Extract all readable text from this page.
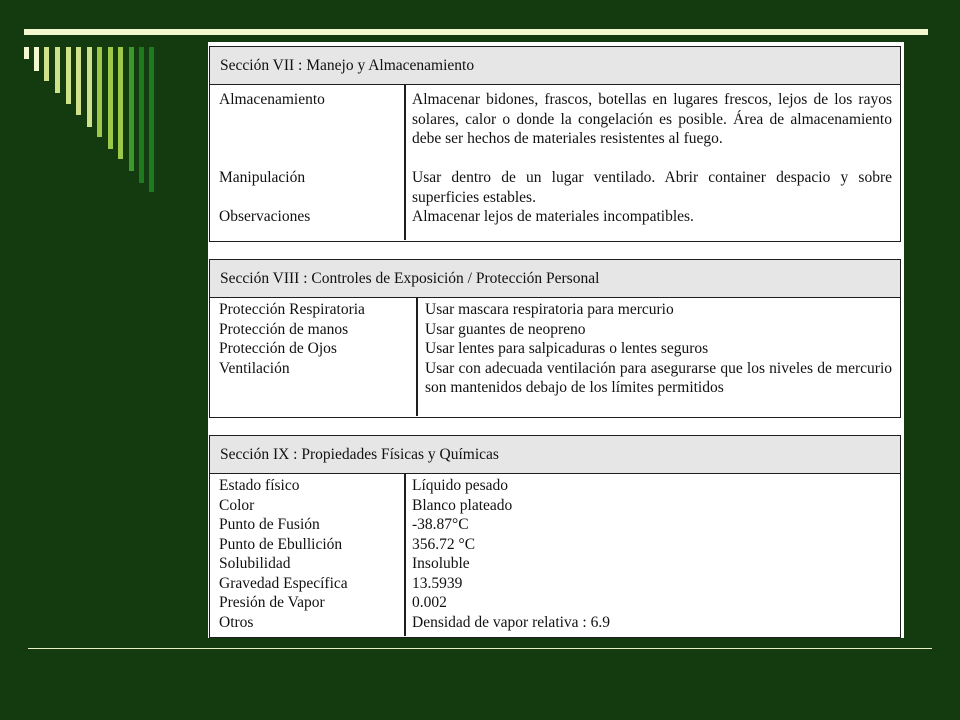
Sección VII : Manejo y Almacenamiento
Almacenamiento	Almacenar bidones, frascos, botellas en lugares frescos, lejos de los rayos solares, calor o donde la congelación es posible. Área de almacenamiento debe ser hechos de materiales resistentes al fuego.
Manipulación	Usar dentro de un lugar ventilado. Abrir container despacio y sobre superficies estables.
Observaciones	Almacenar lejos de materiales incompatibles.
Sección VIII : Controles de Exposición / Protección Personal
Protección Respiratoria	Usar mascara respiratoria para mercurio
Protección de manos	Usar guantes de neopreno
Protección de Ojos	Usar lentes para salpicaduras o lentes seguros
Ventilación	Usar con adecuada ventilación para asegurarse que los niveles de mercurio son mantenidos debajo de los límites permitidos
Sección IX : Propiedades Físicas y Químicas
Estado físico	Líquido pesado
Color	Blanco plateado
Punto de Fusión	-38.87°C
Punto de Ebullición	356.72 °C
Solubilidad	Insoluble
Gravedad Específica	13.5939
Presión de Vapor	0.002
Otros	Densidad de vapor relativa : 6.9
